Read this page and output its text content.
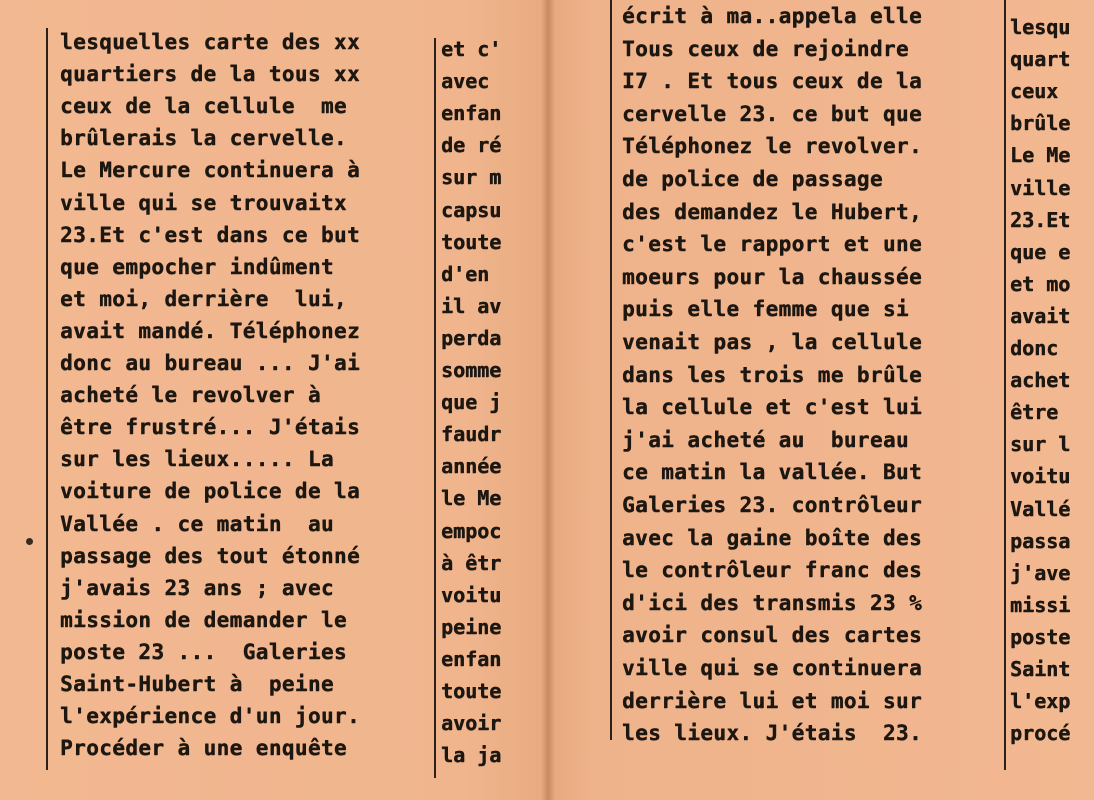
lesquelles carte des xx
quartiers de la tous xx
ceux de la cellule  me
brûlerais la cervelle.
Le Mercure continuera à
ville qui se trouvaitx
23.Et c'est dans ce but
que empocher indûment
et moi, derrière  lui,
avait mandé. Téléphonez
donc au bureau ... J'ai
acheté le revolver à
être frustré... J'étais
sur les lieux..... La
voiture de police de la
Vallée . ce matin  au
passage des tout étonné
j'avais 23 ans ; avec
mission de demander le
poste 23 ...  Galeries
Saint-Hubert à  peine
l'expérience d'un jour.
Procéder à une enquête
et c'
avec
enfan
de ré
sur m
capsu
toute
d'en
il av
perda
somme
que j
faudr
année
le Me
empoc
à êtr
voitu
peine
enfan
toute
avoir
la ja
écrit à ma..appela elle
Tous ceux de rejoindre
I7 . Et tous ceux de la
cervelle 23. ce but que
Téléphonez le revolver.
de police de passage
des demandez le Hubert,
c'est le rapport et une
moeurs pour la chaussée
puis elle femme que si
venait pas , la cellule
dans les trois me brûle
la cellule et c'est lui
j'ai acheté au  bureau
ce matin la vallée. But
Galeries 23. contrôleur
avec la gaine boîte des
le contrôleur franc des
d'ici des transmis 23 %
avoir consul des cartes
ville qui se continuera
derrière lui et moi sur
les lieux. J'étais  23.
lesqu
quart
ceux
brûle
Le Me
ville
23.Et
que e
et mo
avait
donc
achet
être
sur l
voitu
Vallé
passa
j'ave
missi
poste
Saint
l'exp
procé
